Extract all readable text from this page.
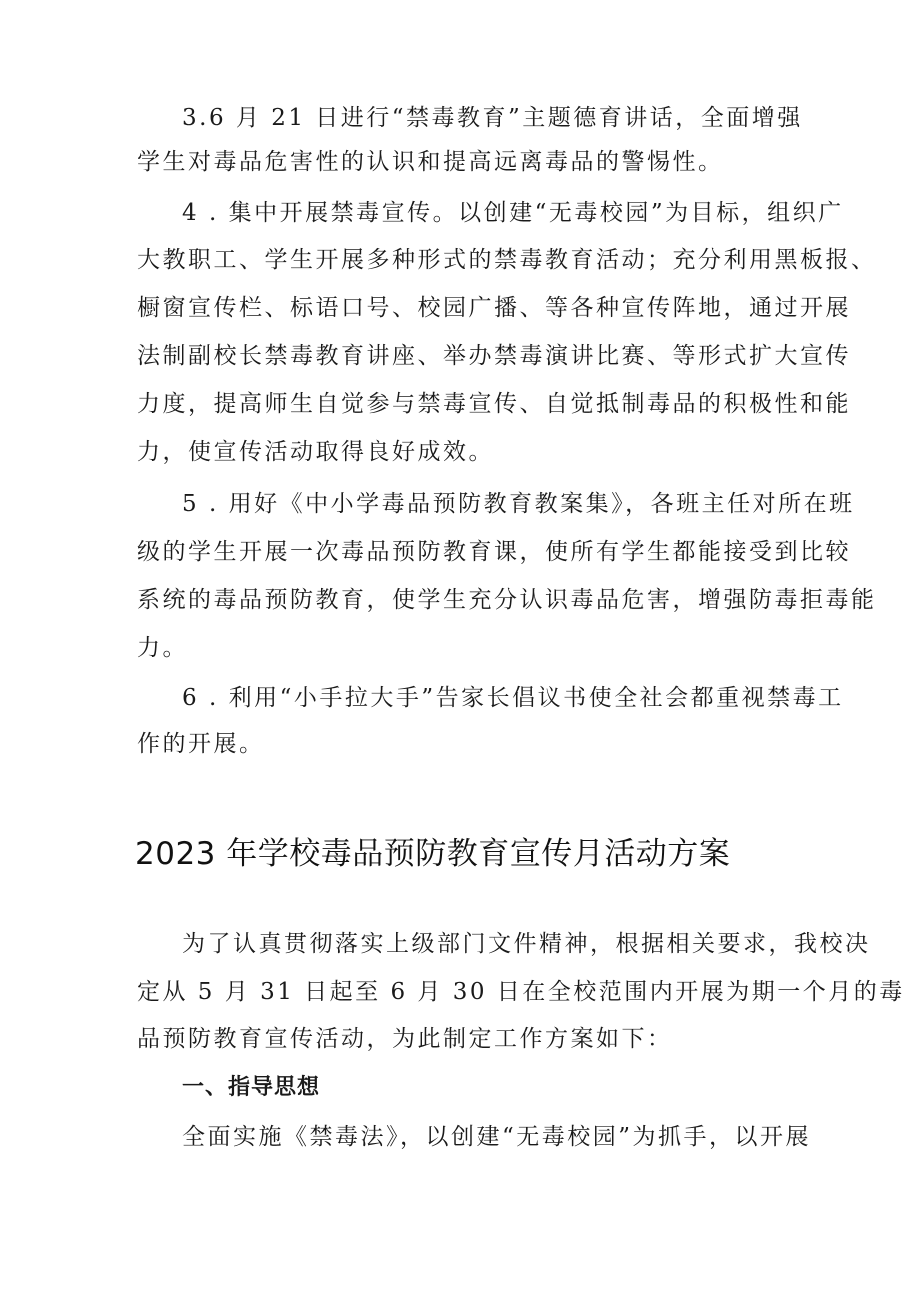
3.6 月 21 日进行“禁毒教育”主题德育讲话，全面增强
学生对毒品危害性的认识和提高远离毒品的警惕性。
4 . 集中开展禁毒宣传。以创建“无毒校园”为目标，组织广
大教职工、学生开展多种形式的禁毒教育活动；充分利用黑板报、
橱窗宣传栏、标语口号、校园广播、等各种宣传阵地，通过开展
法制副校长禁毒教育讲座、举办禁毒演讲比赛、等形式扩大宣传
力度，提高师生自觉参与禁毒宣传、自觉抵制毒品的积极性和能
力，使宣传活动取得良好成效。
5 . 用好《中小学毒品预防教育教案集》，各班主任对所在班
级的学生开展一次毒品预防教育课，使所有学生都能接受到比较
系统的毒品预防教育，使学生充分认识毒品危害，增强防毒拒毒能
力。
6 . 利用“小手拉大手”告家长倡议书使全社会都重视禁毒工
作的开展。
2023 年学校毒品预防教育宣传月活动方案
为了认真贯彻落实上级部门文件精神，根据相关要求，我校决
定从 5 月 31 日起至 6 月 30 日在全校范围内开展为期一个月的毒
品预防教育宣传活动，为此制定工作方案如下：
一、指导思想
全面实施《禁毒法》，以创建“无毒校园”为抓手，以开展
